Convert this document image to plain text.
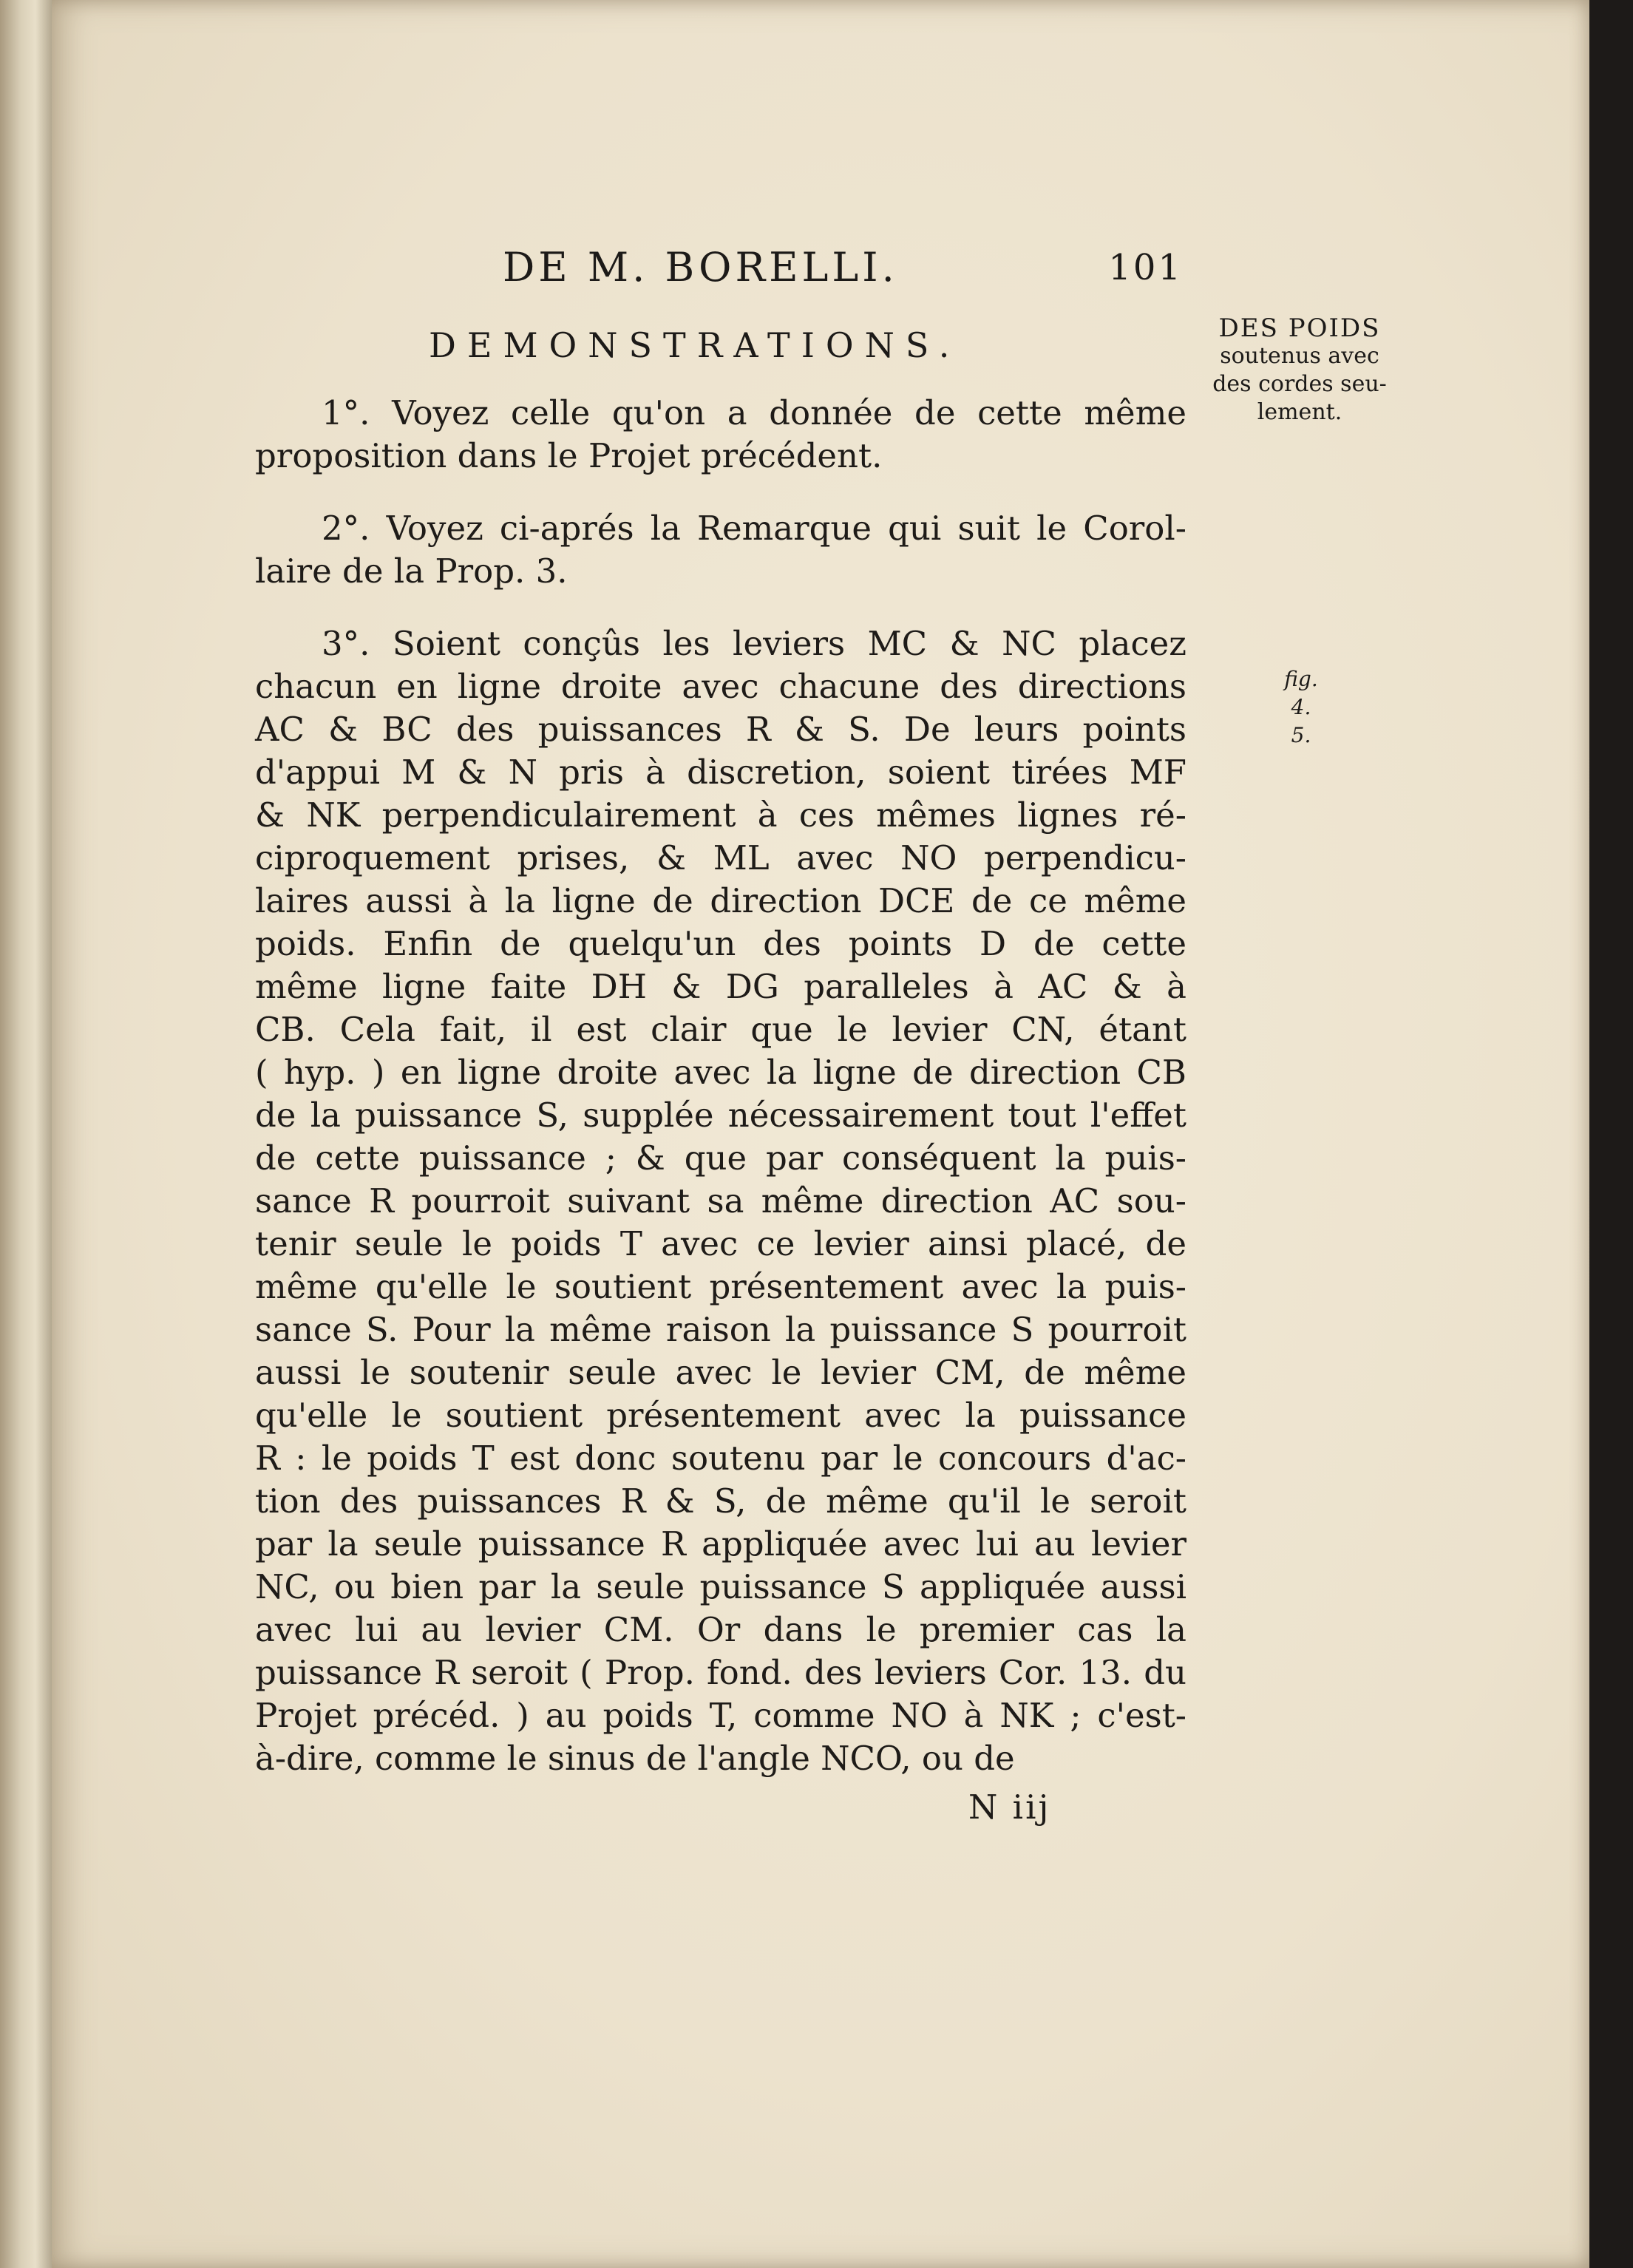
DE M. BORELLI.	101
DEMONSTRATIONS.	DES POIDS
soutenus avec
des cordes seu-
lement.
fig. 4.
5.
1°. Voyez celle qu'on a donnée de cette même
proposition dans le Projet précédent.
2°. Voyez ci-aprés la Remarque qui suit le Corol-
laire de la Prop. 3.
3°. Soient conçûs les leviers MC & NC placez
chacun en ligne droite avec chacune des directions
AC & BC des puissances R & S. De leurs points
d'appui M & N pris à discretion, soient tirées MF
& NK perpendiculairement à ces mêmes lignes ré-
ciproquement prises, & ML avec NO perpendicu-
laires aussi à la ligne de direction DCE de ce même
poids. Enfin de quelqu'un des points D de cette
même ligne faite DH & DG paralleles à AC & à
CB. Cela fait, il est clair que le levier CN, étant
( hyp. ) en ligne droite avec la ligne de direction CB
de la puissance S, supplée nécessairement tout l'effet
de cette puissance ; & que par conséquent la puis-
sance R pourroit suivant sa même direction AC sou-
tenir seule le poids T avec ce levier ainsi placé, de
même qu'elle le soutient présentement avec la puis-
sance S. Pour la même raison la puissance S pourroit
aussi le soutenir seule avec le levier CM, de même
qu'elle le soutient présentement avec la puissance
R : le poids T est donc soutenu par le concours d'ac-
tion des puissances R & S, de même qu'il le seroit
par la seule puissance R appliquée avec lui au levier
NC, ou bien par la seule puissance S appliquée aussi
avec lui au levier CM. Or dans le premier cas la
puissance R seroit ( Prop. fond. des leviers Cor. 13. du
Projet précéd. ) au poids T, comme NO à NK ; c'est-
à-dire, comme le sinus de l'angle NCO, ou de
N iij
